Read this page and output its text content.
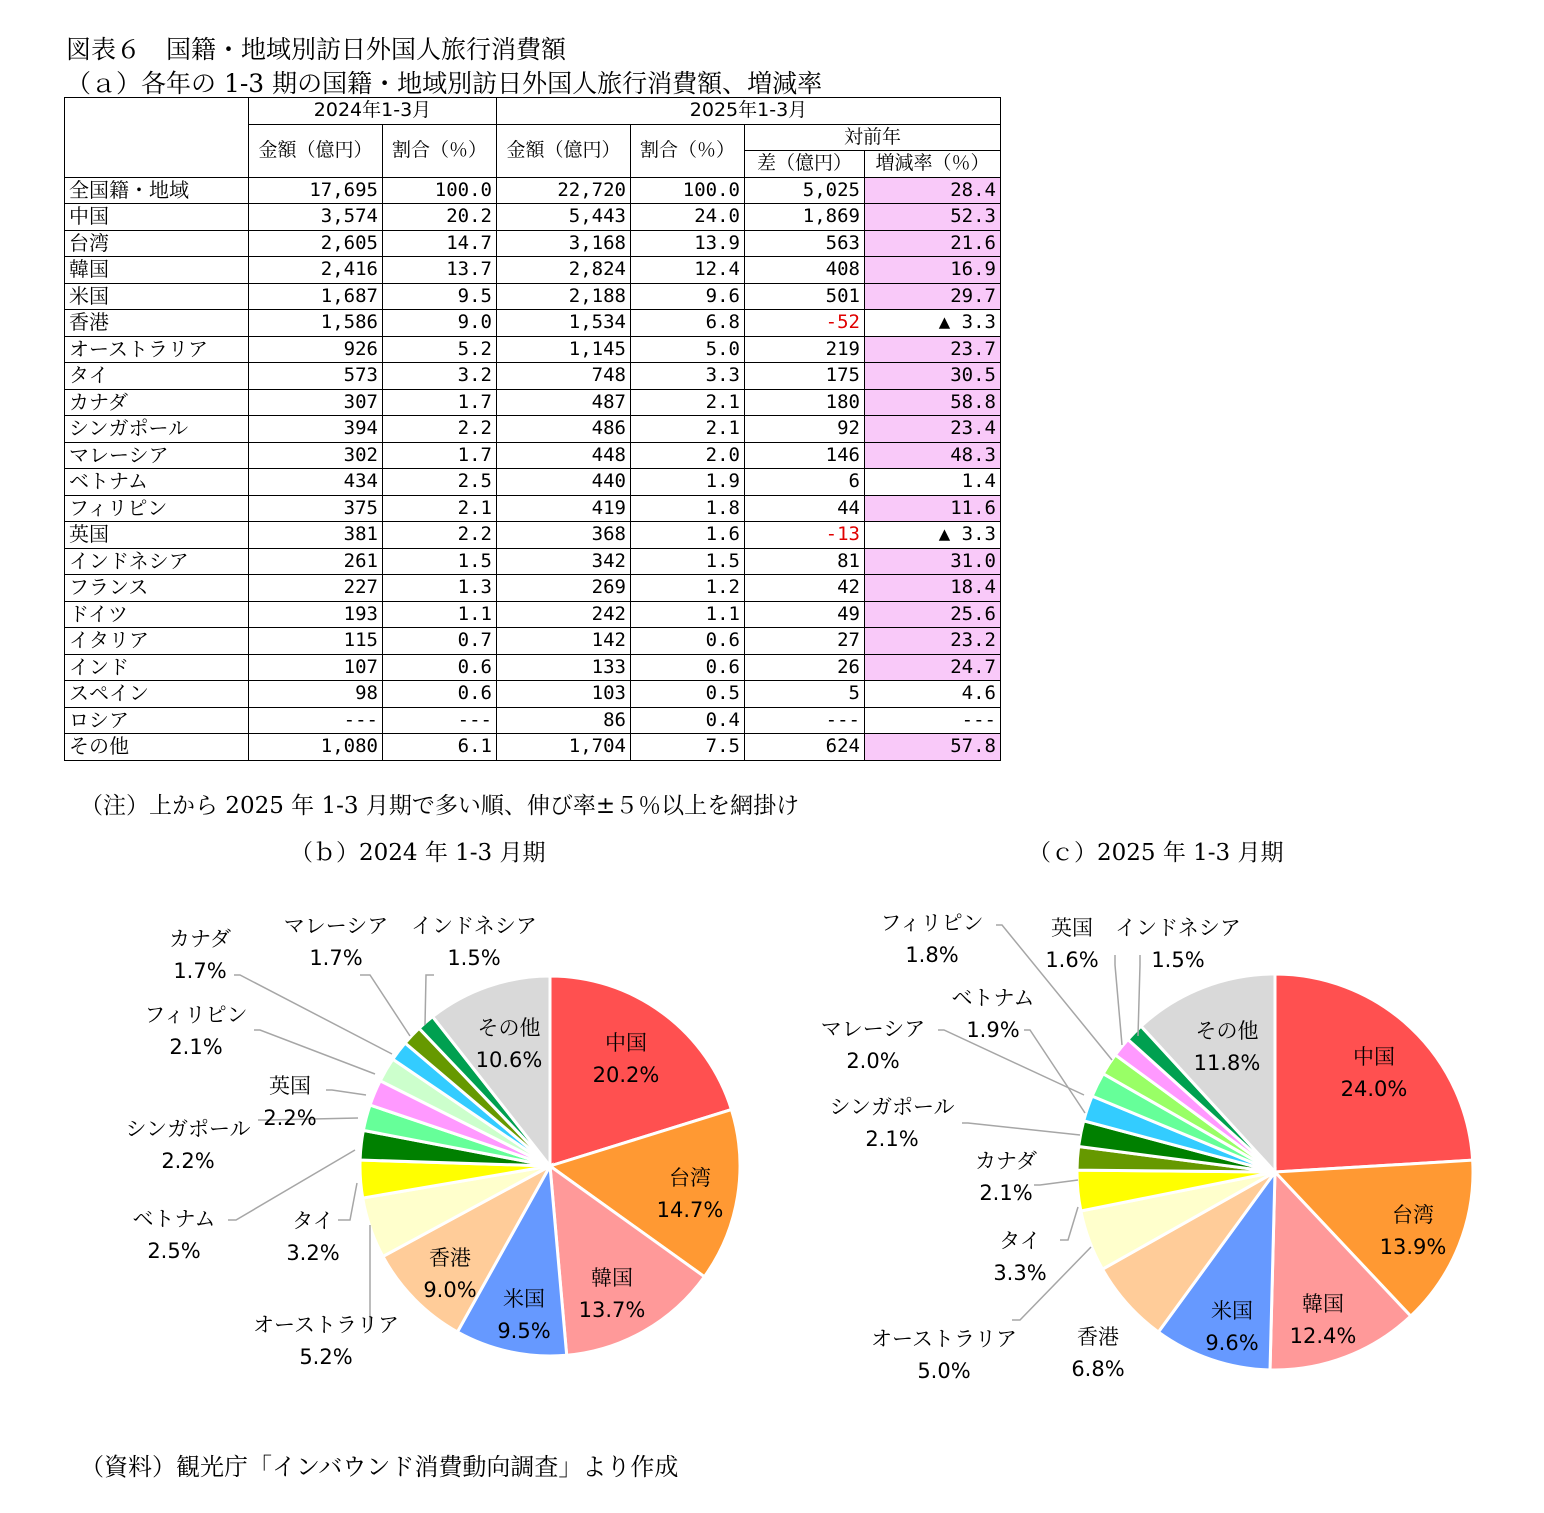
図表６　国籍・地域別訪日外国人旅行消費額
（ａ）各年の 1-3 期の国籍・地域別訪日外国人旅行消費額、増減率
	2024年1-3月		2025年1-3月			
	金額（億円）	割合（％）	金額（億円）	割合（％）	対前年	
					差（億円）	増減率（％）
全国籍・地域	17,695	100.0	22,720	100.0	5,025	28.4
中国	3,574	20.2	5,443	24.0	1,869	52.3
台湾	2,605	14.7	3,168	13.9	563	21.6
韓国	2,416	13.7	2,824	12.4	408	16.9
米国	1,687	9.5	2,188	9.6	501	29.7
香港	1,586	9.0	1,534	6.8	-52	▲ 3.3
オーストラリア	926	5.2	1,145	5.0	219	23.7
タイ	573	3.2	748	3.3	175	30.5
カナダ	307	1.7	487	2.1	180	58.8
シンガポール	394	2.2	486	2.1	92	23.4
マレーシア	302	1.7	448	2.0	146	48.3
ベトナム	434	2.5	440	1.9	6	1.4
フィリピン	375	2.1	419	1.8	44	11.6
英国	381	2.2	368	1.6	-13	▲ 3.3
インドネシア	261	1.5	342	1.5	81	31.0
フランス	227	1.3	269	1.2	42	18.4
ドイツ	193	1.1	242	1.1	49	25.6
イタリア	115	0.7	142	0.6	27	23.2
インド	107	0.6	133	0.6	26	24.7
スペイン	98	0.6	103	0.5	5	4.6
ロシア	---	---	86	0.4	---	---
その他	1,080	6.1	1,704	7.5	624	57.8
（注）上から 2025 年 1-3 月期で多い順、伸び率±５％以上を網掛け
（ｂ）2024 年 1-3 月期	（ｃ）2025 年 1-3 月期
中国
20.2%
台湾
14.7%
韓国
13.7%
米国
9.5%
香港
9.0%
オーストラリア
5.2%
タイ
3.2%
ベトナム
2.5%
シンガポール
2.2%
英国
2.2%
フィリピン
2.1%
カナダ
1.7%
マレーシア
1.7%
インドネシア
1.5%
その他
10.6%	中国
24.0%
台湾
13.9%
韓国
12.4%
米国
9.6%
香港
6.8%
オーストラリア
5.0%
タイ
3.3%
ベトナム
1.9%
カナダ
2.1%
シンガポール
2.1%
マレーシア
2.0%
フィリピン
1.8%
英国
1.6%
インドネシア
1.5%
その他
11.8%
（資料）観光庁「インバウンド消費動向調査」より作成
